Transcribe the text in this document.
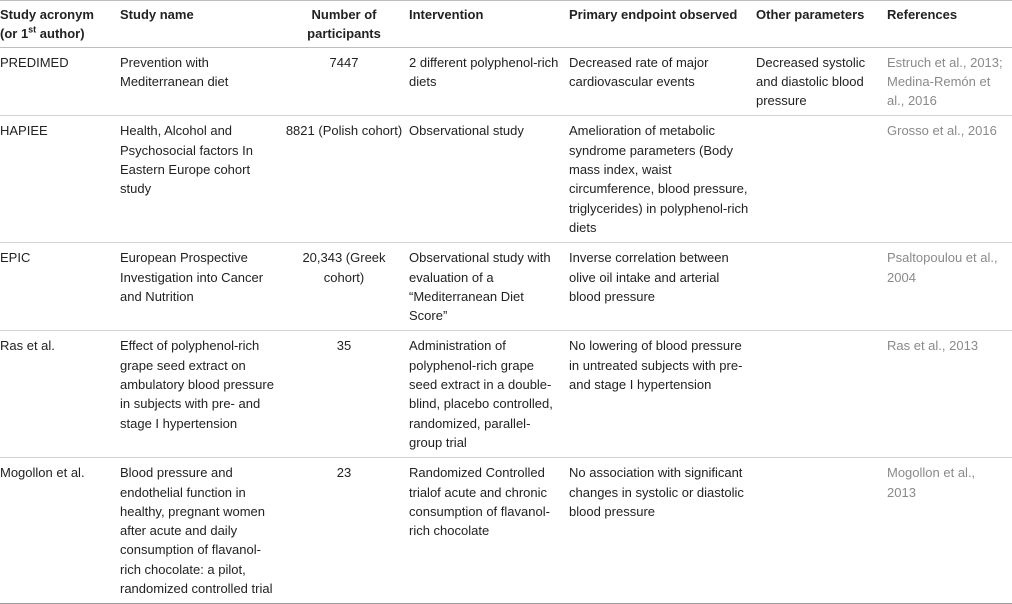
Study acronym (or 1st author)	Study name	Number of participants	Intervention	Primary endpoint observed	Other parameters	References
PREDIMED	Prevention with Mediterranean diet	7447	2 different polyphenol-rich diets	Decreased rate of major cardiovascular events	Decreased systolic and diastolic blood pressure	Estruch et al., 2013; Medina-Remón et al., 2016
HAPIEE	Health, Alcohol and Psychosocial factors In Eastern Europe cohort study	8821 (Polish cohort)	Observational study	Amelioration of metabolic syndrome parameters (Body mass index, waist circumference, blood pressure, triglycerides) in polyphenol-rich diets		Grosso et al., 2016
EPIC	European Prospective Investigation into Cancer and Nutrition	20,343 (Greek cohort)	Observational study with evaluation of a “Mediterranean Diet Score”	Inverse correlation between olive oil intake and arterial blood pressure		Psaltopoulou et al., 2004
Ras et al.	Effect of polyphenol-rich grape seed extract on ambulatory blood pressure in subjects with pre- and stage I hypertension	35	Administration of polyphenol-rich grape seed extract in a double-blind, placebo controlled, randomized, parallel-group trial	No lowering of blood pressure in untreated subjects with pre- and stage I hypertension		Ras et al., 2013
Mogollon et al.	Blood pressure and endothelial function in healthy, pregnant women after acute and daily consumption of flavanol-rich chocolate: a pilot, randomized controlled trial	23	Randomized Controlled trialof acute and chronic consumption of flavanol-rich chocolate	No association with significant changes in systolic or diastolic blood pressure		Mogollon et al., 2013
